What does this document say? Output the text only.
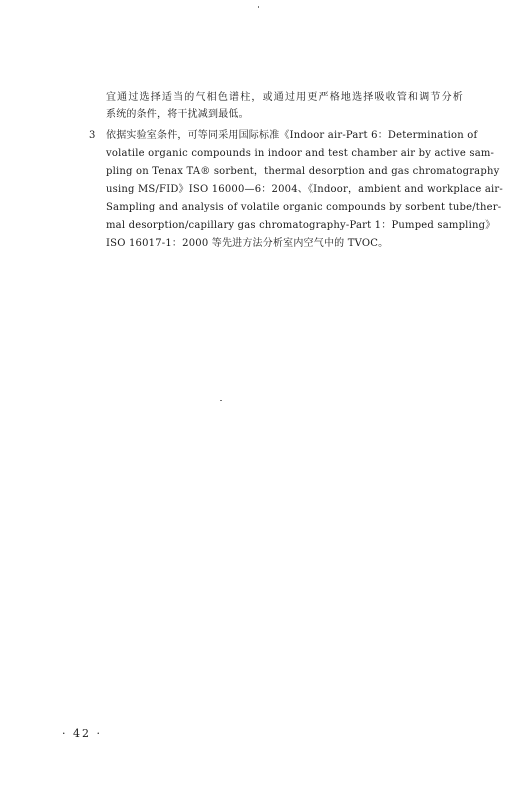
宜通过选择适当的气相色谱柱，或通过用更严格地选择吸收管和调节分析
系统的条件，将干扰减到最低。
3 依据实验室条件，可等同采用国际标准《Indoor air-Part 6：Determination of
volatile organic compounds in indoor and test chamber air by active sam-
pling on Tenax TA® sorbent，thermal desorption and gas chromatography
using MS/FID》ISO 16000—6：2004、《Indoor，ambient and workplace air-
Sampling and analysis of volatile organic compounds by sorbent tube/ther-
mal desorption/capillary gas chromatography-Part 1：Pumped sampling》
ISO 16017-1：2000 等先进方法分析室内空气中的 TVOC。
· 42 ·
